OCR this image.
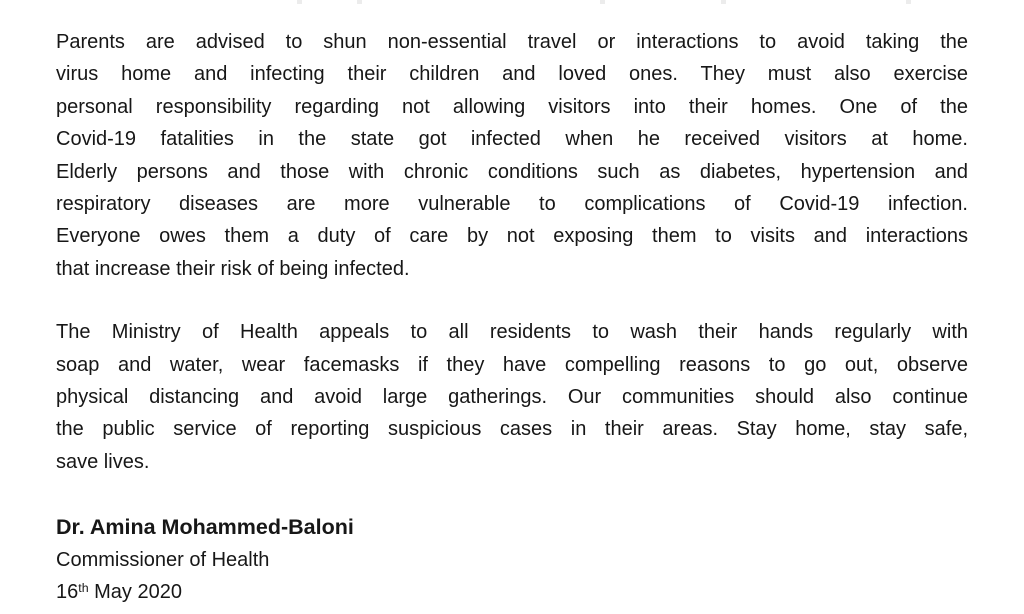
Parents are advised to shun non-essential travel or interactions to avoid taking the
virus home and infecting their children and loved ones. They must also exercise
personal responsibility regarding not allowing visitors into their homes. One of the
Covid-19 fatalities in the state got infected when he received visitors at home.
Elderly persons and those with chronic conditions such as diabetes, hypertension and
respiratory diseases are more vulnerable to complications of Covid-19 infection.
Everyone owes them a duty of care by not exposing them to visits and interactions
that increase their risk of being infected.
The Ministry of Health appeals to all residents to wash their hands regularly with
soap and water, wear facemasks if they have compelling reasons to go out, observe
physical distancing and avoid large gatherings. Our communities should also continue
the public service of reporting suspicious cases in their areas. Stay home, stay safe,
save lives.
Dr. Amina Mohammed-Baloni
Commissioner of Health
16th May 2020
